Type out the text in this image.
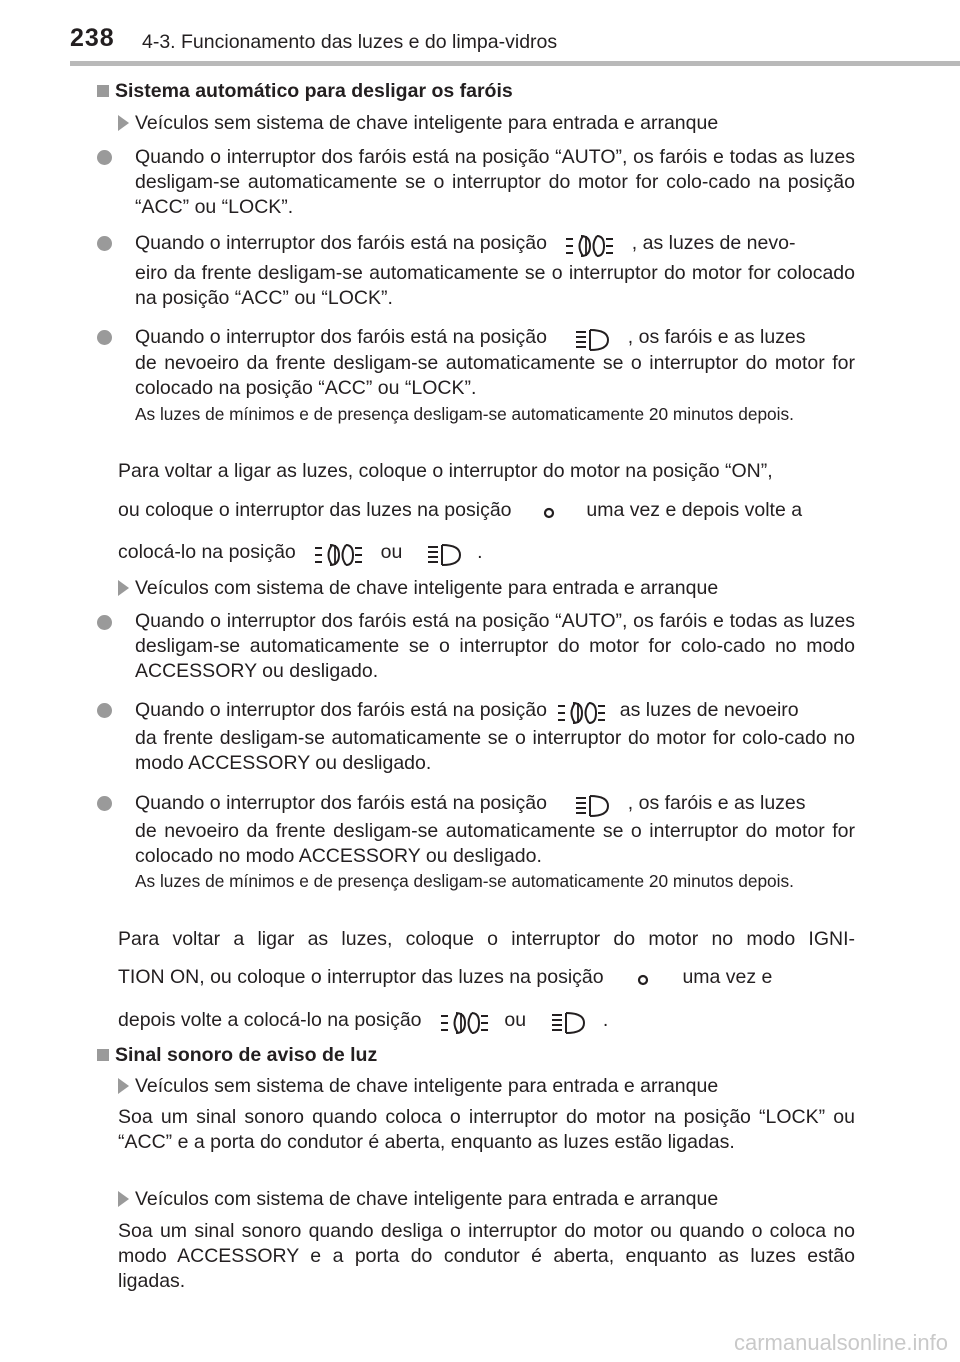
238 4-3. Funcionamento das luzes e do limpa-vidros
Sistema automático para desligar os faróis
Veículos sem sistema de chave inteligente para entrada e arranque
Quando o interruptor dos faróis está na posição “AUTO”, os faróis e todas as luzes desligam-se automaticamente se o interruptor do motor for colo-cado na posição “ACC” ou “LOCK”.
Quando o interruptor dos faróis está na posição	, as luzes de nevo-
eiro da frente desligam-se automaticamente se o interruptor do motor for colocado na posição “ACC” ou “LOCK”.
Quando o interruptor dos faróis está na posição	, os faróis e as luzes
de nevoeiro da frente desligam-se automaticamente se o interruptor do motor for colocado na posição “ACC” ou “LOCK”.
As luzes de mínimos e de presença desligam-se automaticamente 20 minutos depois.
Para voltar a ligar as luzes, coloque o interruptor do motor na posição “ON”,
ou coloque o interruptor das luzes na posição	uma vez e depois volte a
colocá-lo na posição	ou	.
Veículos com sistema de chave inteligente para entrada e arranque
Quando o interruptor dos faróis está na posição “AUTO”, os faróis e todas as luzes desligam-se automaticamente se o interruptor do motor for colo-cado no modo ACCESSORY ou desligado.
Quando o interruptor dos faróis está na posição	as luzes de nevoeiro
da frente desligam-se automaticamente se o interruptor do motor for colo-cado no modo ACCESSORY ou desligado.
Quando o interruptor dos faróis está na posição	, os faróis e as luzes
de nevoeiro da frente desligam-se automaticamente se o interruptor do motor for colocado no modo ACCESSORY ou desligado.
As luzes de mínimos e de presença desligam-se automaticamente 20 minutos depois.
Para voltar a ligar as luzes, coloque o interruptor do motor no modo IGNI-
TION ON, ou coloque o interruptor das luzes na posição	uma vez e
depois volte a colocá-lo na posição	ou	.
Sinal sonoro de aviso de luz
Veículos sem sistema de chave inteligente para entrada e arranque
Soa um sinal sonoro quando coloca o interruptor do motor na posição “LOCK” ou “ACC” e a porta do condutor é aberta, enquanto as luzes estão ligadas.
Veículos com sistema de chave inteligente para entrada e arranque
Soa um sinal sonoro quando desliga o interruptor do motor ou quando o coloca no modo ACCESSORY e a porta do condutor é aberta, enquanto as luzes estão ligadas.
carmanualsonline.info
